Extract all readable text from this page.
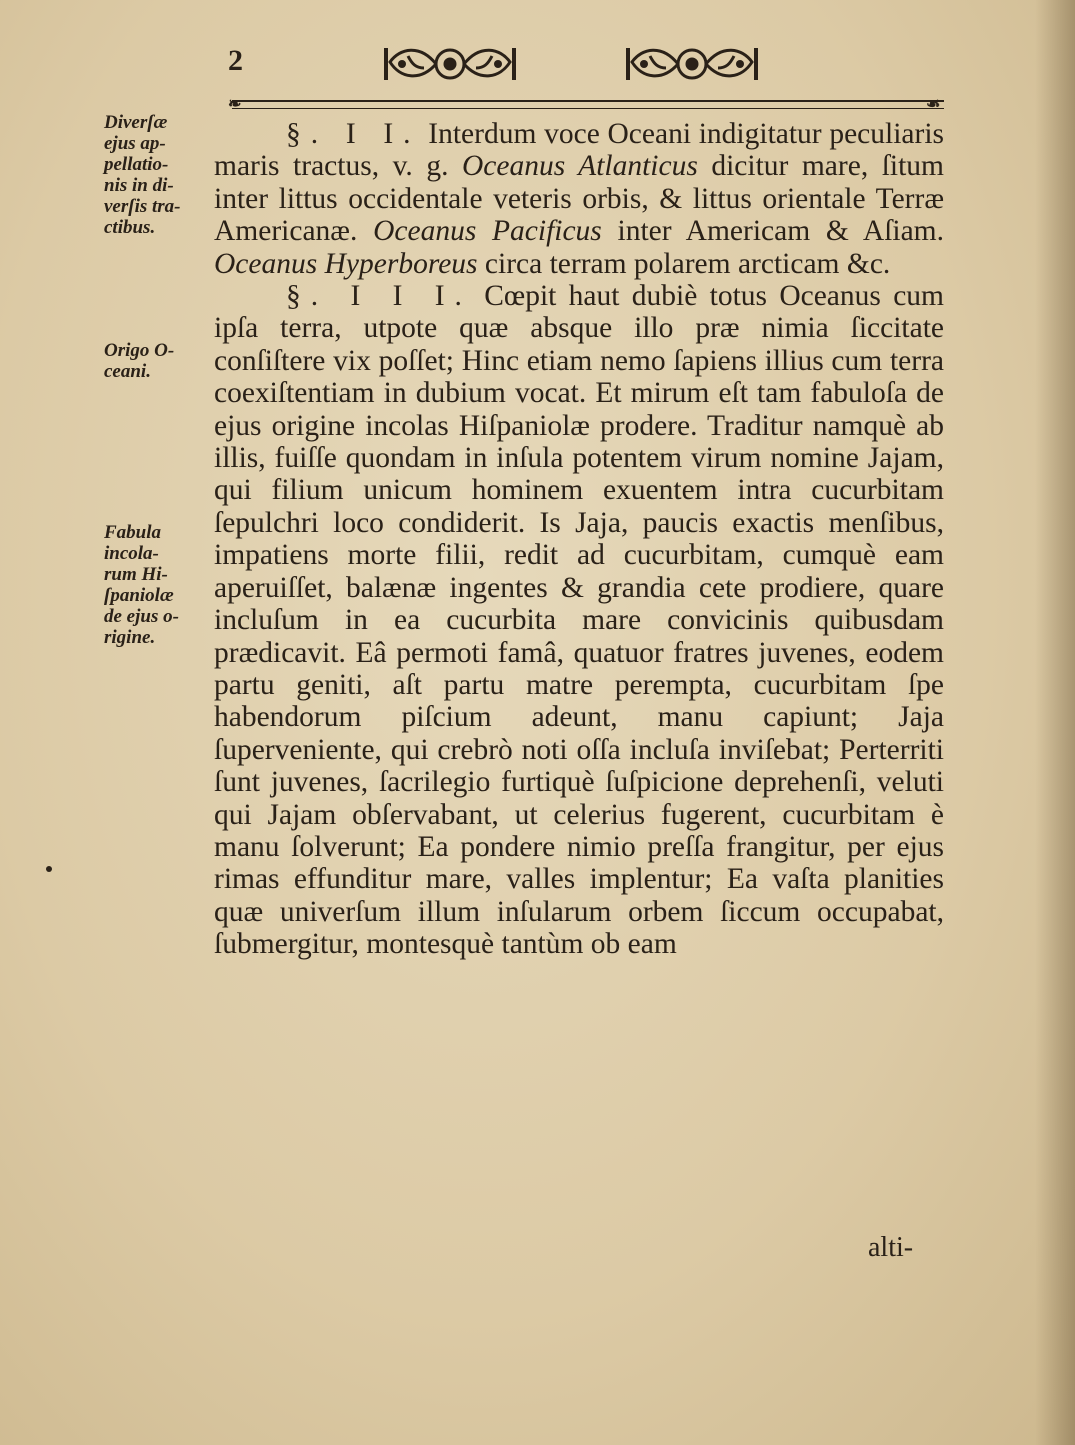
2
❧	☙
Diverſæ
ejus ap-
pellatio-
nis in di-
verſis tra-
ctibus.
Origo O-
ceani.
Fabula
incola-
rum Hi-
ſpaniolæ
de ejus o-
rigine.

§. I I. Interdum voce Oceani indigitatur peculiaris maris tractus, v. g. Oceanus Atlanticus dicitur mare, ſitum inter littus occidentale veteris orbis, & littus orientale Terræ Americanæ. Oceanus Pacificus inter Americam & Aſiam. Oceanus Hyperboreus circa terram polarem arcticam &c.

§. I I I. Cœpit haut dubiè totus Oceanus cum ipſa terra, utpote quæ absque illo præ nimia ſiccitate conſiſtere vix poſſet; Hinc etiam nemo ſapiens illius cum terra coexiſtentiam in dubium vocat. Et mirum eſt tam fabuloſa de ejus origine incolas Hiſpaniolæ prodere. Traditur namquè ab illis, fuiſſe quondam in inſula potentem virum nomine Jajam, qui filium unicum hominem exuentem intra cucurbitam ſepulchri loco condiderit. Is Jaja, paucis exactis menſibus, impatiens morte filii, redit ad cucurbitam, cumquè eam aperuiſſet, balænæ ingentes & grandia cete prodiere, quare incluſum in ea cucurbita mare convicinis quibusdam prædicavit. Eâ permoti famâ, quatuor fratres juvenes, eodem partu geniti, aſt partu matre perempta, cucurbitam ſpe habendorum piſcium adeunt, manu capiunt; Jaja ſuperveniente, qui crebrò noti oſſa incluſa inviſebat; Perterriti ſunt juvenes, ſacrilegio furtiquè ſuſpicione deprehenſi, veluti qui Jajam obſervabant, ut celerius fugerent, cucurbitam è manu ſolverunt; Ea pondere nimio preſſa frangitur, per ejus rimas effunditur mare, valles implentur; Ea vaſta planities quæ univerſum illum inſularum orbem ſiccum occupabat, ſubmergitur, montesquè tantùm ob eam

alti-
